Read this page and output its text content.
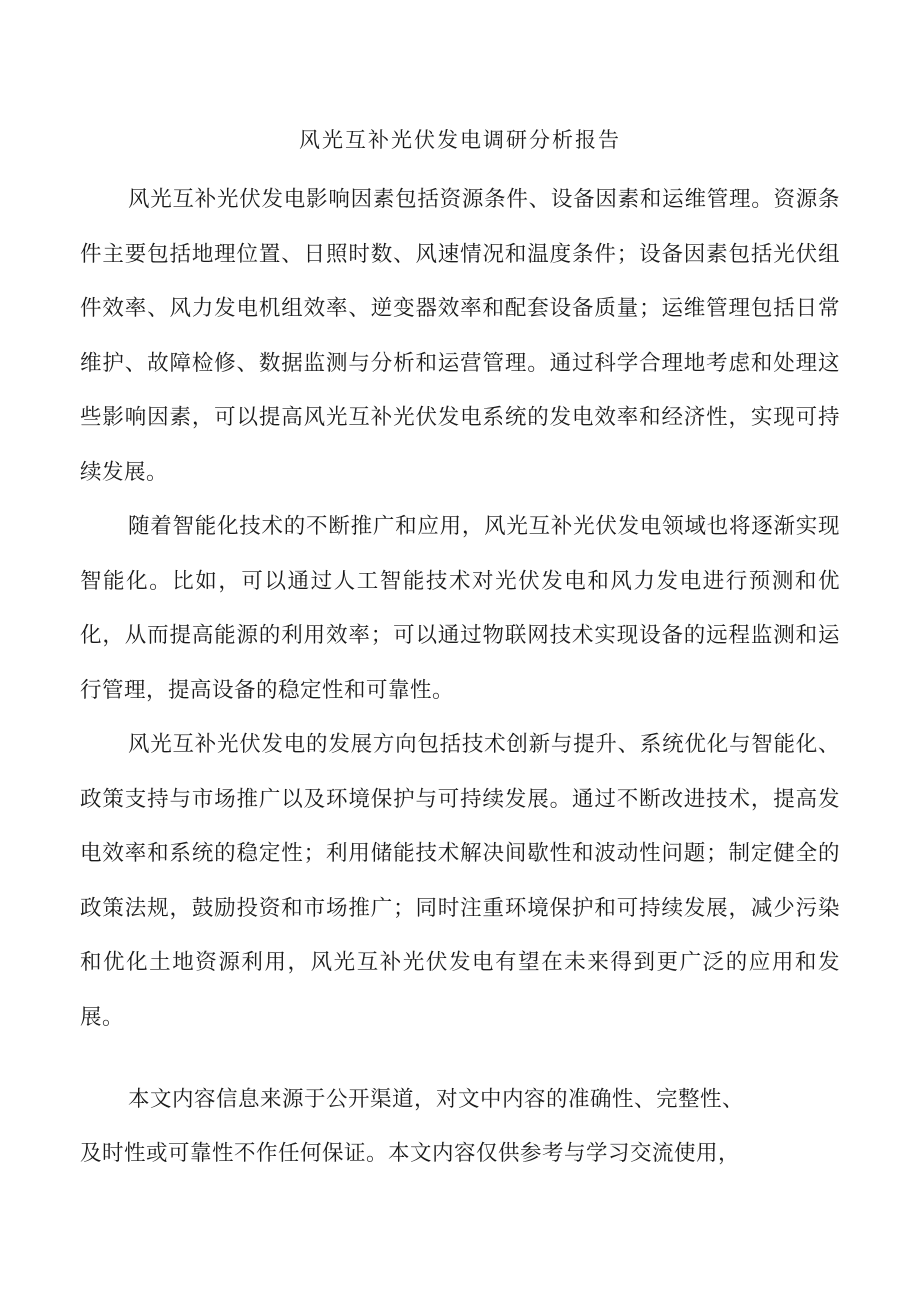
风光互补光伏发电调研分析报告

风光互补光伏发电影响因素包括资源条件、设备因素和运维管理。资源条件主要包括地理位置、日照时数、风速情况和温度条件；设备因素包括光伏组件效率、风力发电机组效率、逆变器效率和配套设备质量；运维管理包括日常维护、故障检修、数据监测与分析和运营管理。通过科学合理地考虑和处理这些影响因素，可以提高风光互补光伏发电系统的发电效率和经济性，实现可持续发展。

随着智能化技术的不断推广和应用，风光互补光伏发电领域也将逐渐实现智能化。比如，可以通过人工智能技术对光伏发电和风力发电进行预测和优化，从而提高能源的利用效率；可以通过物联网技术实现设备的远程监测和运行管理，提高设备的稳定性和可靠性。

风光互补光伏发电的发展方向包括技术创新与提升、系统优化与智能化、政策支持与市场推广以及环境保护与可持续发展。通过不断改进技术，提高发电效率和系统的稳定性；利用储能技术解决间歇性和波动性问题；制定健全的政策法规，鼓励投资和市场推广；同时注重环境保护和可持续发展，减少污染和优化土地资源利用，风光互补光伏发电有望在未来得到更广泛的应用和发展。

本文内容信息来源于公开渠道，对文中内容的准确性、完整性、
及时性或可靠性不作任何保证。本文内容仅供参考与学习交流使用，
